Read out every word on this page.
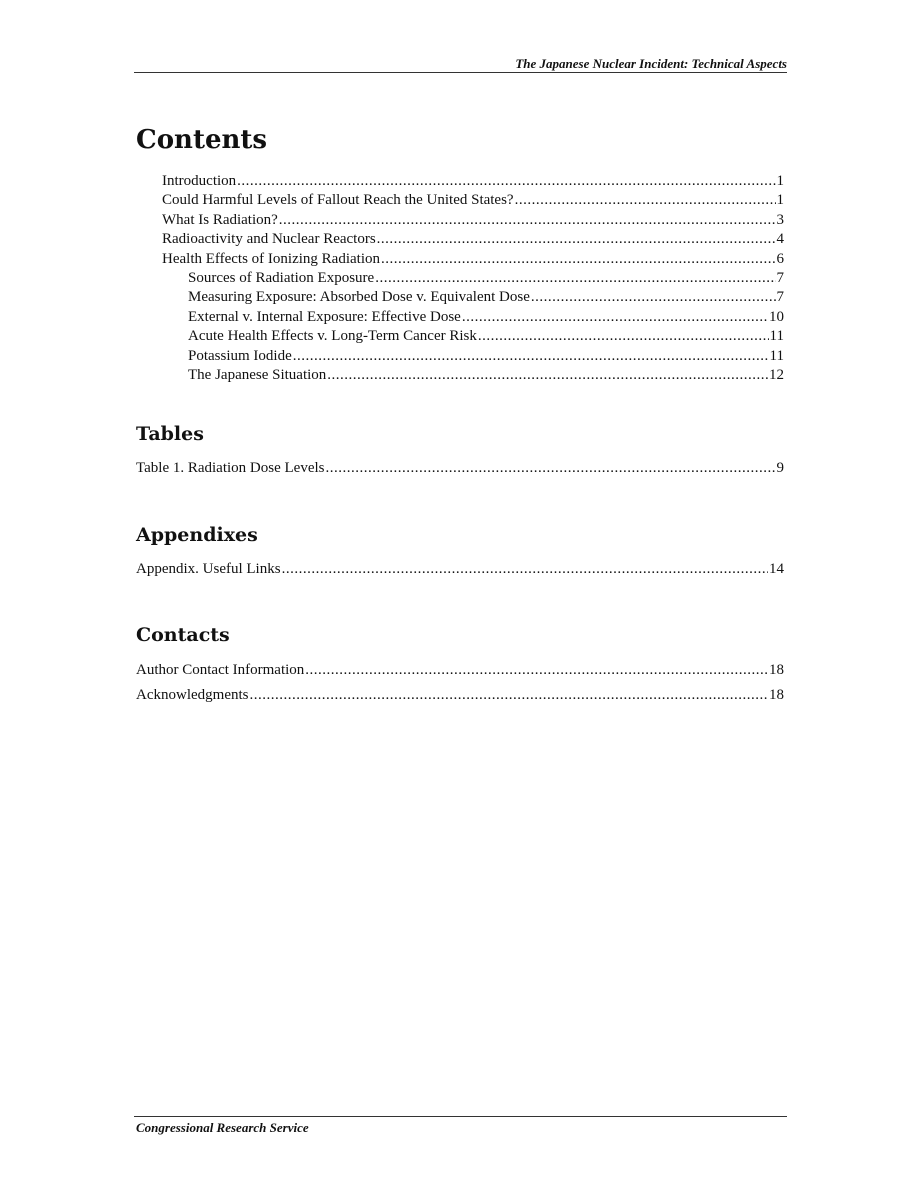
The Japanese Nuclear Incident: Technical Aspects
Contents
Introduction .....	1
Could Harmful Levels of Fallout Reach the United States? .....	1
What Is Radiation? .....	3
Radioactivity and Nuclear Reactors .....	4
Health Effects of Ionizing Radiation .....	6
Sources of Radiation Exposure .....	7
Measuring Exposure: Absorbed Dose v. Equivalent Dose .....	7
External v. Internal Exposure: Effective Dose .....	10
Acute Health Effects v. Long-Term Cancer Risk .....	11
Potassium Iodide .....	11
The Japanese Situation .....	12
Tables
Table 1. Radiation Dose Levels .....	9
Appendixes
Appendix. Useful Links .....	14
Contacts
Author Contact Information .....	18
Acknowledgments .....	18
Congressional Research Service
